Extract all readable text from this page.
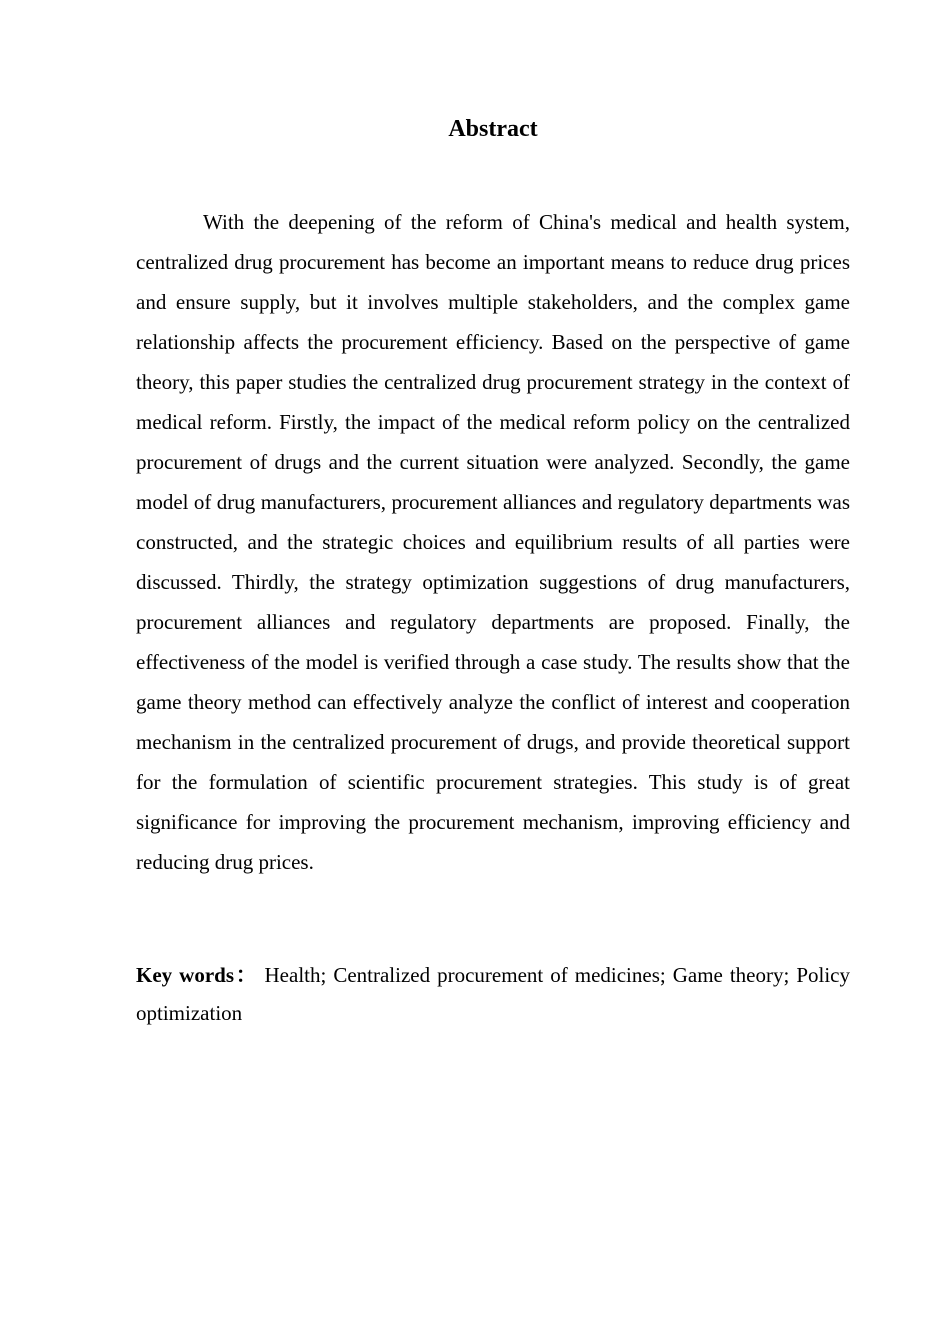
Abstract

With the deepening of the reform of China's medical and health system, centralized drug procurement has become an important means to reduce drug prices and ensure supply, but it involves multiple stakeholders, and the complex game relationship affects the procurement efficiency. Based on the perspective of game theory, this paper studies the centralized drug procurement strategy in the context of medical reform. Firstly, the impact of the medical reform policy on the centralized procurement of drugs and the current situation were analyzed. Secondly, the game model of drug manufacturers, procurement alliances and regulatory departments was constructed, and the strategic choices and equilibrium results of all parties were discussed. Thirdly, the strategy optimization suggestions of drug manufacturers, procurement alliances and regulatory departments are proposed. Finally, the effectiveness of the model is verified through a case study. The results show that the game theory method can effectively analyze the conflict of interest and cooperation mechanism in the centralized procurement of drugs, and provide theoretical support for the formulation of scientific procurement strategies. This study is of great significance for improving the procurement mechanism, improving efficiency and reducing drug prices.

Key words： Health; Centralized procurement of medicines; Game theory; Policy  optimization
